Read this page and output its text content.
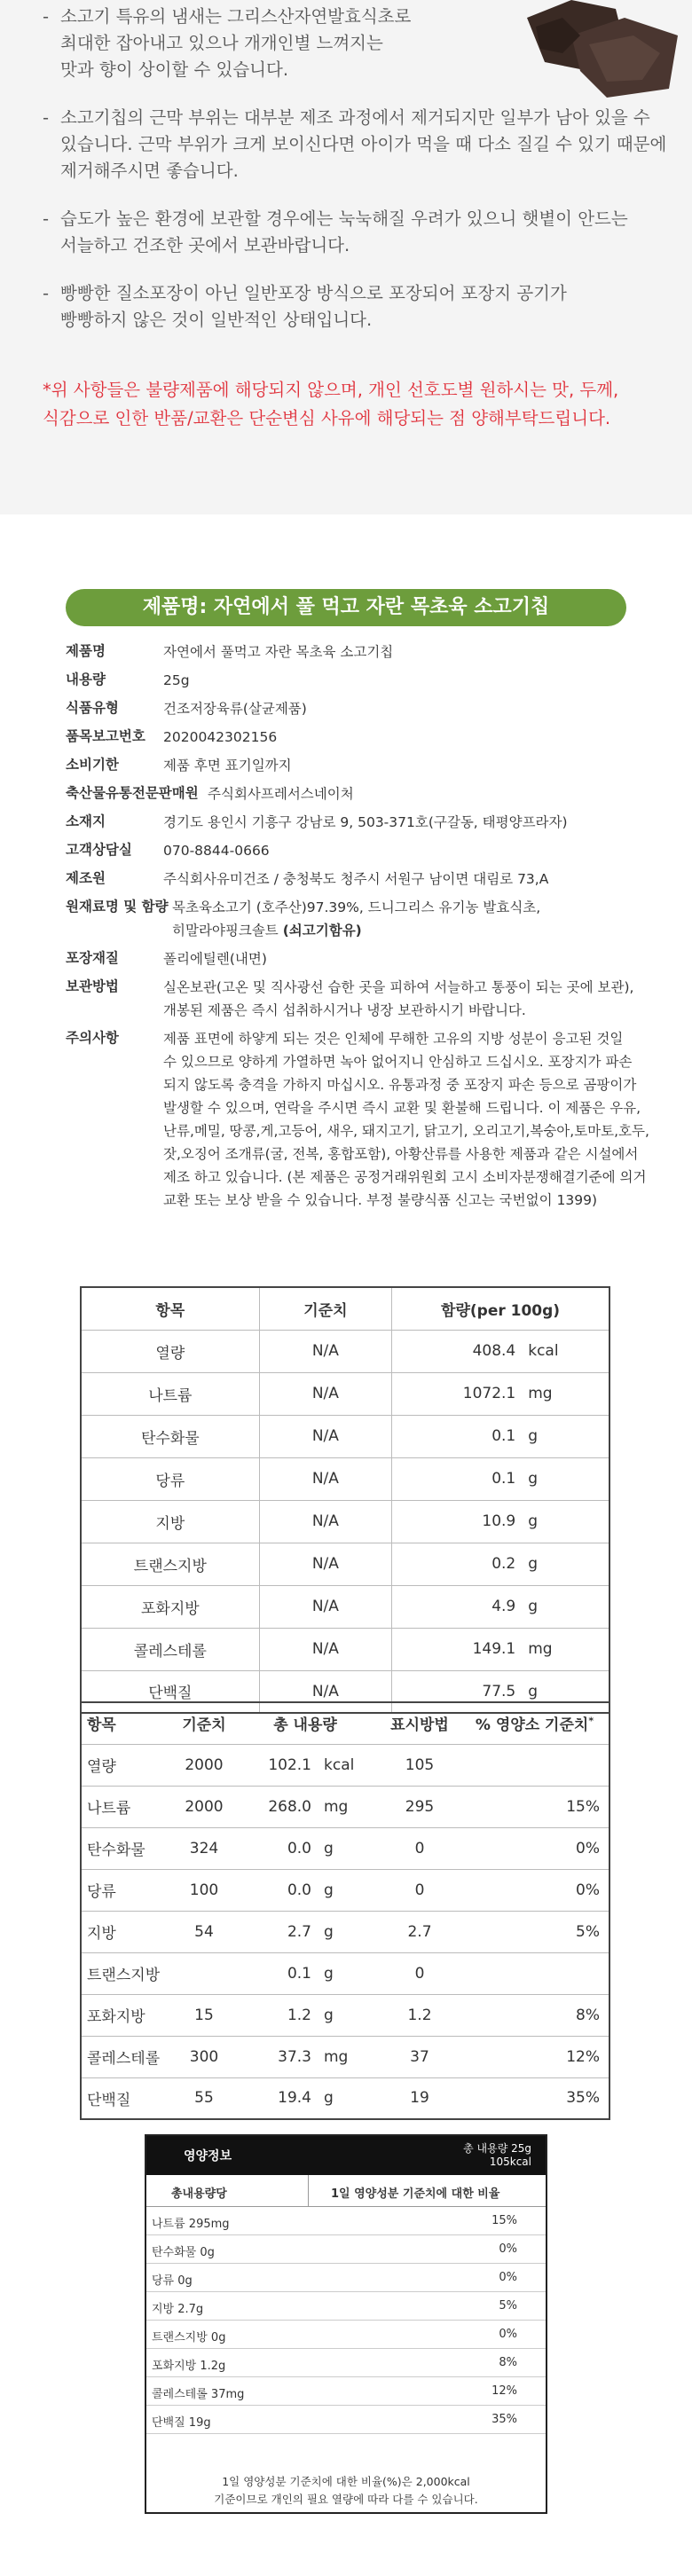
- 소고기 특유의 냄새는 그리스산자연발효식초로
최대한 잡아내고 있으나 개개인별 느껴지는
맛과 향이 상이할 수 있습니다.
- 소고기칩의 근막 부위는 대부분 제조 과정에서 제거되지만 일부가 남아 있을 수
있습니다. 근막 부위가 크게 보이신다면 아이가 먹을 때 다소 질길 수 있기 때문에
제거해주시면 좋습니다.
- 습도가 높은 환경에 보관할 경우에는 눅눅해질 우려가 있으니 햇볕이 안드는
서늘하고 건조한 곳에서 보관바랍니다.
- 빵빵한 질소포장이 아닌 일반포장 방식으로 포장되어 포장지 공기가
빵빵하지 않은 것이 일반적인 상태입니다.
*위 사항들은 불량제품에 해당되지 않으며, 개인 선호도별 원하시는 맛, 두께,
식감으로 인한 반품/교환은 단순변심 사유에 해당되는 점 양해부탁드립니다.
제품명: 자연에서 풀 먹고 자란 목초육 소고기칩
제품명	자연에서 풀먹고 자란 목초육 소고기칩
내용량	25g
식품유형	건조저장육류(살균제품)
품목보고번호	2020042302156
소비기한	제품 후면 표기일까지
축산물유통전문판매원 주식회사프레서스네이처
소재지	경기도 용인시 기흥구 강남로 9, 503-371호(구갈동, 태평양프라자)
고객상담실	070-8844-0666
제조원	주식회사유미건조 / 충청북도 청주시 서원구 남이면 대림로 73,A
원재료명 및 함량 목초육소고기 (호주산)97.39%, 드니그리스 유기농 발효식초,
히말라야핑크솔트 (쇠고기함유)
포장재질	폴리에틸렌(내면)
보관방법	실온보관(고온 및 직사광선 습한 곳을 피하여 서늘하고 통풍이 되는 곳에 보관),
개봉된 제품은 즉시 섭취하시거나 냉장 보관하시기 바랍니다.
주의사항	제품 표면에 하얗게 되는 것은 인체에 무해한 고유의 지방 성분이 응고된 것일
수 있으므로 양하게 가열하면 녹아 없어지니 안심하고 드십시오. 포장지가 파손
되지 않도록 충격을 가하지 마십시오. 유통과정 중 포장지 파손 등으로 곰팡이가
발생할 수 있으며, 연락을 주시면 즉시 교환 및 환불해 드립니다. 이 제품은 우유,
난류,메밀, 땅콩,게,고등어, 새우, 돼지고기, 닭고기, 오리고기,복숭아,토마토,호두,
잣,오징어 조개류(굴, 전복, 홍합포함), 아황산류를 사용한 제품과 같은 시설에서
제조 하고 있습니다. (본 제품은 공정거래위원회 고시 소비자분쟁해결기준에 의거
교환 또는 보상 받을 수 있습니다. 부정 불량식품 신고는 국번없이 1399)
항목	기준치	함량(per 100g)	
열량	N/A	408.4	kcal
나트륨	N/A	1072.1	mg
탄수화물	N/A	0.1	g
당류	N/A	0.1	g
지방	N/A	10.9	g
트랜스지방	N/A	0.2	g
포화지방	N/A	4.9	g
콜레스테롤	N/A	149.1	mg
단백질	N/A	77.5	g
항목	기준치	총 내용량		표시방법	% 영양소 기준치*
열량	2000	102.1	kcal	105	
나트륨	2000	268.0	mg	295	15%
탄수화물	324	0.0	g	0	0%
당류	100	0.0	g	0	0%
지방	54	2.7	g	2.7	5%
트랜스지방		0.1	g	0	
포화지방	15	1.2	g	1.2	8%
콜레스테롤	300	37.3	mg	37	12%
단백질	55	19.4	g	19	35%
영양정보
총 내용량 25g
105kcal
총내용량당	1일 영양성분 기준치에 대한 비율
나트륨 295mg	15%
탄수화물 0g	0%
당류 0g	0%
지방 2.7g	5%
트랜스지방 0g	0%
포화지방 1.2g	8%
콜레스테롤 37mg	12%
단백질 19g	35%
1일 영양성분 기준치에 대한 비율(%)은 2,000kcal
기준이므로 개인의 필요 열량에 따라 다를 수 있습니다.
